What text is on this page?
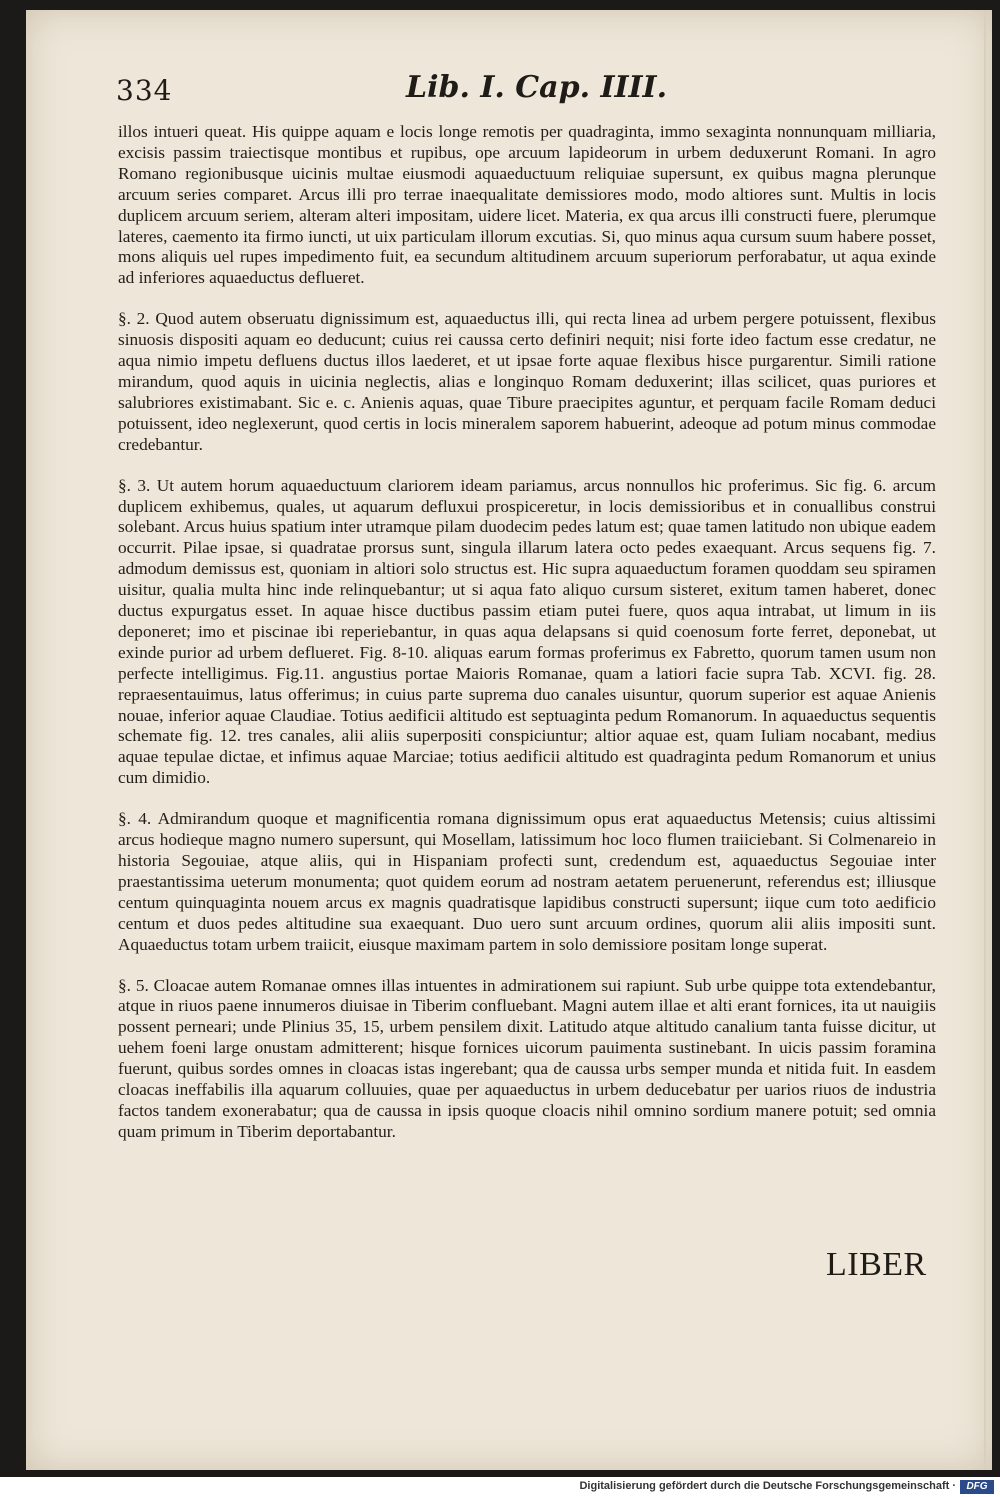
334	Lib. I. Cap. IIII.

illos intueri queat. His quippe aquam e locis longe remotis per quadraginta, immo sexaginta nonnunquam milliaria, excisis passim traiectisque montibus et rupibus, ope arcuum lapideorum in urbem deduxerunt Romani. In agro Romano regionibusque uicinis multae eiusmodi aquaeductuum reliquiae supersunt, ex quibus magna plerunque arcuum series comparet. Arcus illi pro terrae inaequalitate demissiores modo, modo altiores sunt. Multis in locis duplicem arcuum seriem, alteram alteri impositam, uidere licet. Materia, ex qua arcus illi constructi fuere, plerumque lateres, caemento ita firmo iuncti, ut uix particulam illorum excutias. Si, quo minus aqua cursum suum habere posset, mons aliquis uel rupes impedimento fuit, ea secundum altitudinem arcuum superiorum perforabatur, ut aqua exinde ad inferiores aquaeductus deflueret.

§. 2. Quod autem obseruatu dignissimum est, aquaeductus illi, qui recta linea ad urbem pergere potuissent, flexibus sinuosis dispositi aquam eo deducunt; cuius rei caussa certo definiri nequit; nisi forte ideo factum esse credatur, ne aqua nimio impetu defluens ductus illos laederet, et ut ipsae forte aquae flexibus hisce purgarentur. Simili ratione mirandum, quod aquis in uicinia neglectis, alias e longinquo Romam deduxerint; illas scilicet, quas puriores et salubriores existimabant. Sic e. c. Anienis aquas, quae Tibure praecipites aguntur, et perquam facile Romam deduci potuissent, ideo neglexerunt, quod certis in locis mineralem saporem habuerint, adeoque ad potum minus commodae credebantur.

§. 3. Ut autem horum aquaeductuum clariorem ideam pariamus, arcus nonnullos hic proferimus. Sic fig. 6. arcum duplicem exhibemus, quales, ut aquarum defluxui prospiceretur, in locis demissioribus et in conuallibus construi solebant. Arcus huius spatium inter utramque pilam duodecim pedes latum est; quae tamen latitudo non ubique eadem occurrit. Pilae ipsae, si quadratae prorsus sunt, singula illarum latera octo pedes exaequant. Arcus sequens fig. 7. admodum demissus est, quoniam in altiori solo structus est. Hic supra aquaeductum foramen quoddam seu spiramen uisitur, qualia multa hinc inde relinquebantur; ut si aqua fato aliquo cursum sisteret, exitum tamen haberet, donec ductus expurgatus esset. In aquae hisce ductibus passim etiam putei fuere, quos aqua intrabat, ut limum in iis deponeret; imo et piscinae ibi reperiebantur, in quas aqua delapsans si quid coenosum forte ferret, deponebat, ut exinde purior ad urbem deflueret. Fig. 8-10. aliquas earum formas proferimus ex Fabretto, quorum tamen usum non perfecte intelligimus. Fig.11. angustius portae Maioris Romanae, quam a latiori facie supra Tab. XCVI. fig. 28. repraesentauimus, latus offerimus; in cuius parte suprema duo canales uisuntur, quorum superior est aquae Anienis nouae, inferior aquae Claudiae. Totius aedificii altitudo est septuaginta pedum Romanorum. In aquaeductus sequentis schemate fig. 12. tres canales, alii aliis superpositi conspiciuntur; altior aquae est, quam Iuliam nocabant, medius aquae tepulae dictae, et infimus aquae Marciae; totius aedificii altitudo est quadraginta pedum Romanorum et unius cum dimidio.

§. 4. Admirandum quoque et magnificentia romana dignissimum opus erat aquaeductus Metensis; cuius altissimi arcus hodieque magno numero supersunt, qui Mosellam, latissimum hoc loco flumen traiiciebant. Si Colmenareio in historia Segouiae, atque aliis, qui in Hispaniam profecti sunt, credendum est, aquaeductus Segouiae inter praestantissima ueterum monumenta; quot quidem eorum ad nostram aetatem peruenerunt, referendus est; illiusque centum quinquaginta nouem arcus ex magnis quadratisque lapidibus constructi supersunt; iique cum toto aedificio centum et duos pedes altitudine sua exaequant. Duo uero sunt arcuum ordines, quorum alii aliis impositi sunt. Aquaeductus totam urbem traiicit, eiusque maximam partem in solo demissiore positam longe superat.

§. 5. Cloacae autem Romanae omnes illas intuentes in admirationem sui rapiunt. Sub urbe quippe tota extendebantur, atque in riuos paene innumeros diuisae in Tiberim confluebant. Magni autem illae et alti erant fornices, ita ut nauigiis possent perneari; unde Plinius 35, 15, urbem pensilem dixit. Latitudo atque altitudo canalium tanta fuisse dicitur, ut uehem foeni large onustam admitterent; hisque fornices uicorum pauimenta sustinebant. In uicis passim foramina fuerunt, quibus sordes omnes in cloacas istas ingerebant; qua de caussa urbs semper munda et nitida fuit. In easdem cloacas ineffabilis illa aquarum colluuies, quae per aquaeductus in urbem deducebatur per uarios riuos de industria factos tandem exonerabatur; qua de caussa in ipsis quoque cloacis nihil omnino sordium manere potuit; sed omnia quam primum in Tiberim deportabantur.

LIBER
Digitalisierung gefördert durch die Deutsche Forschungsgemeinschaft ·	DFG
